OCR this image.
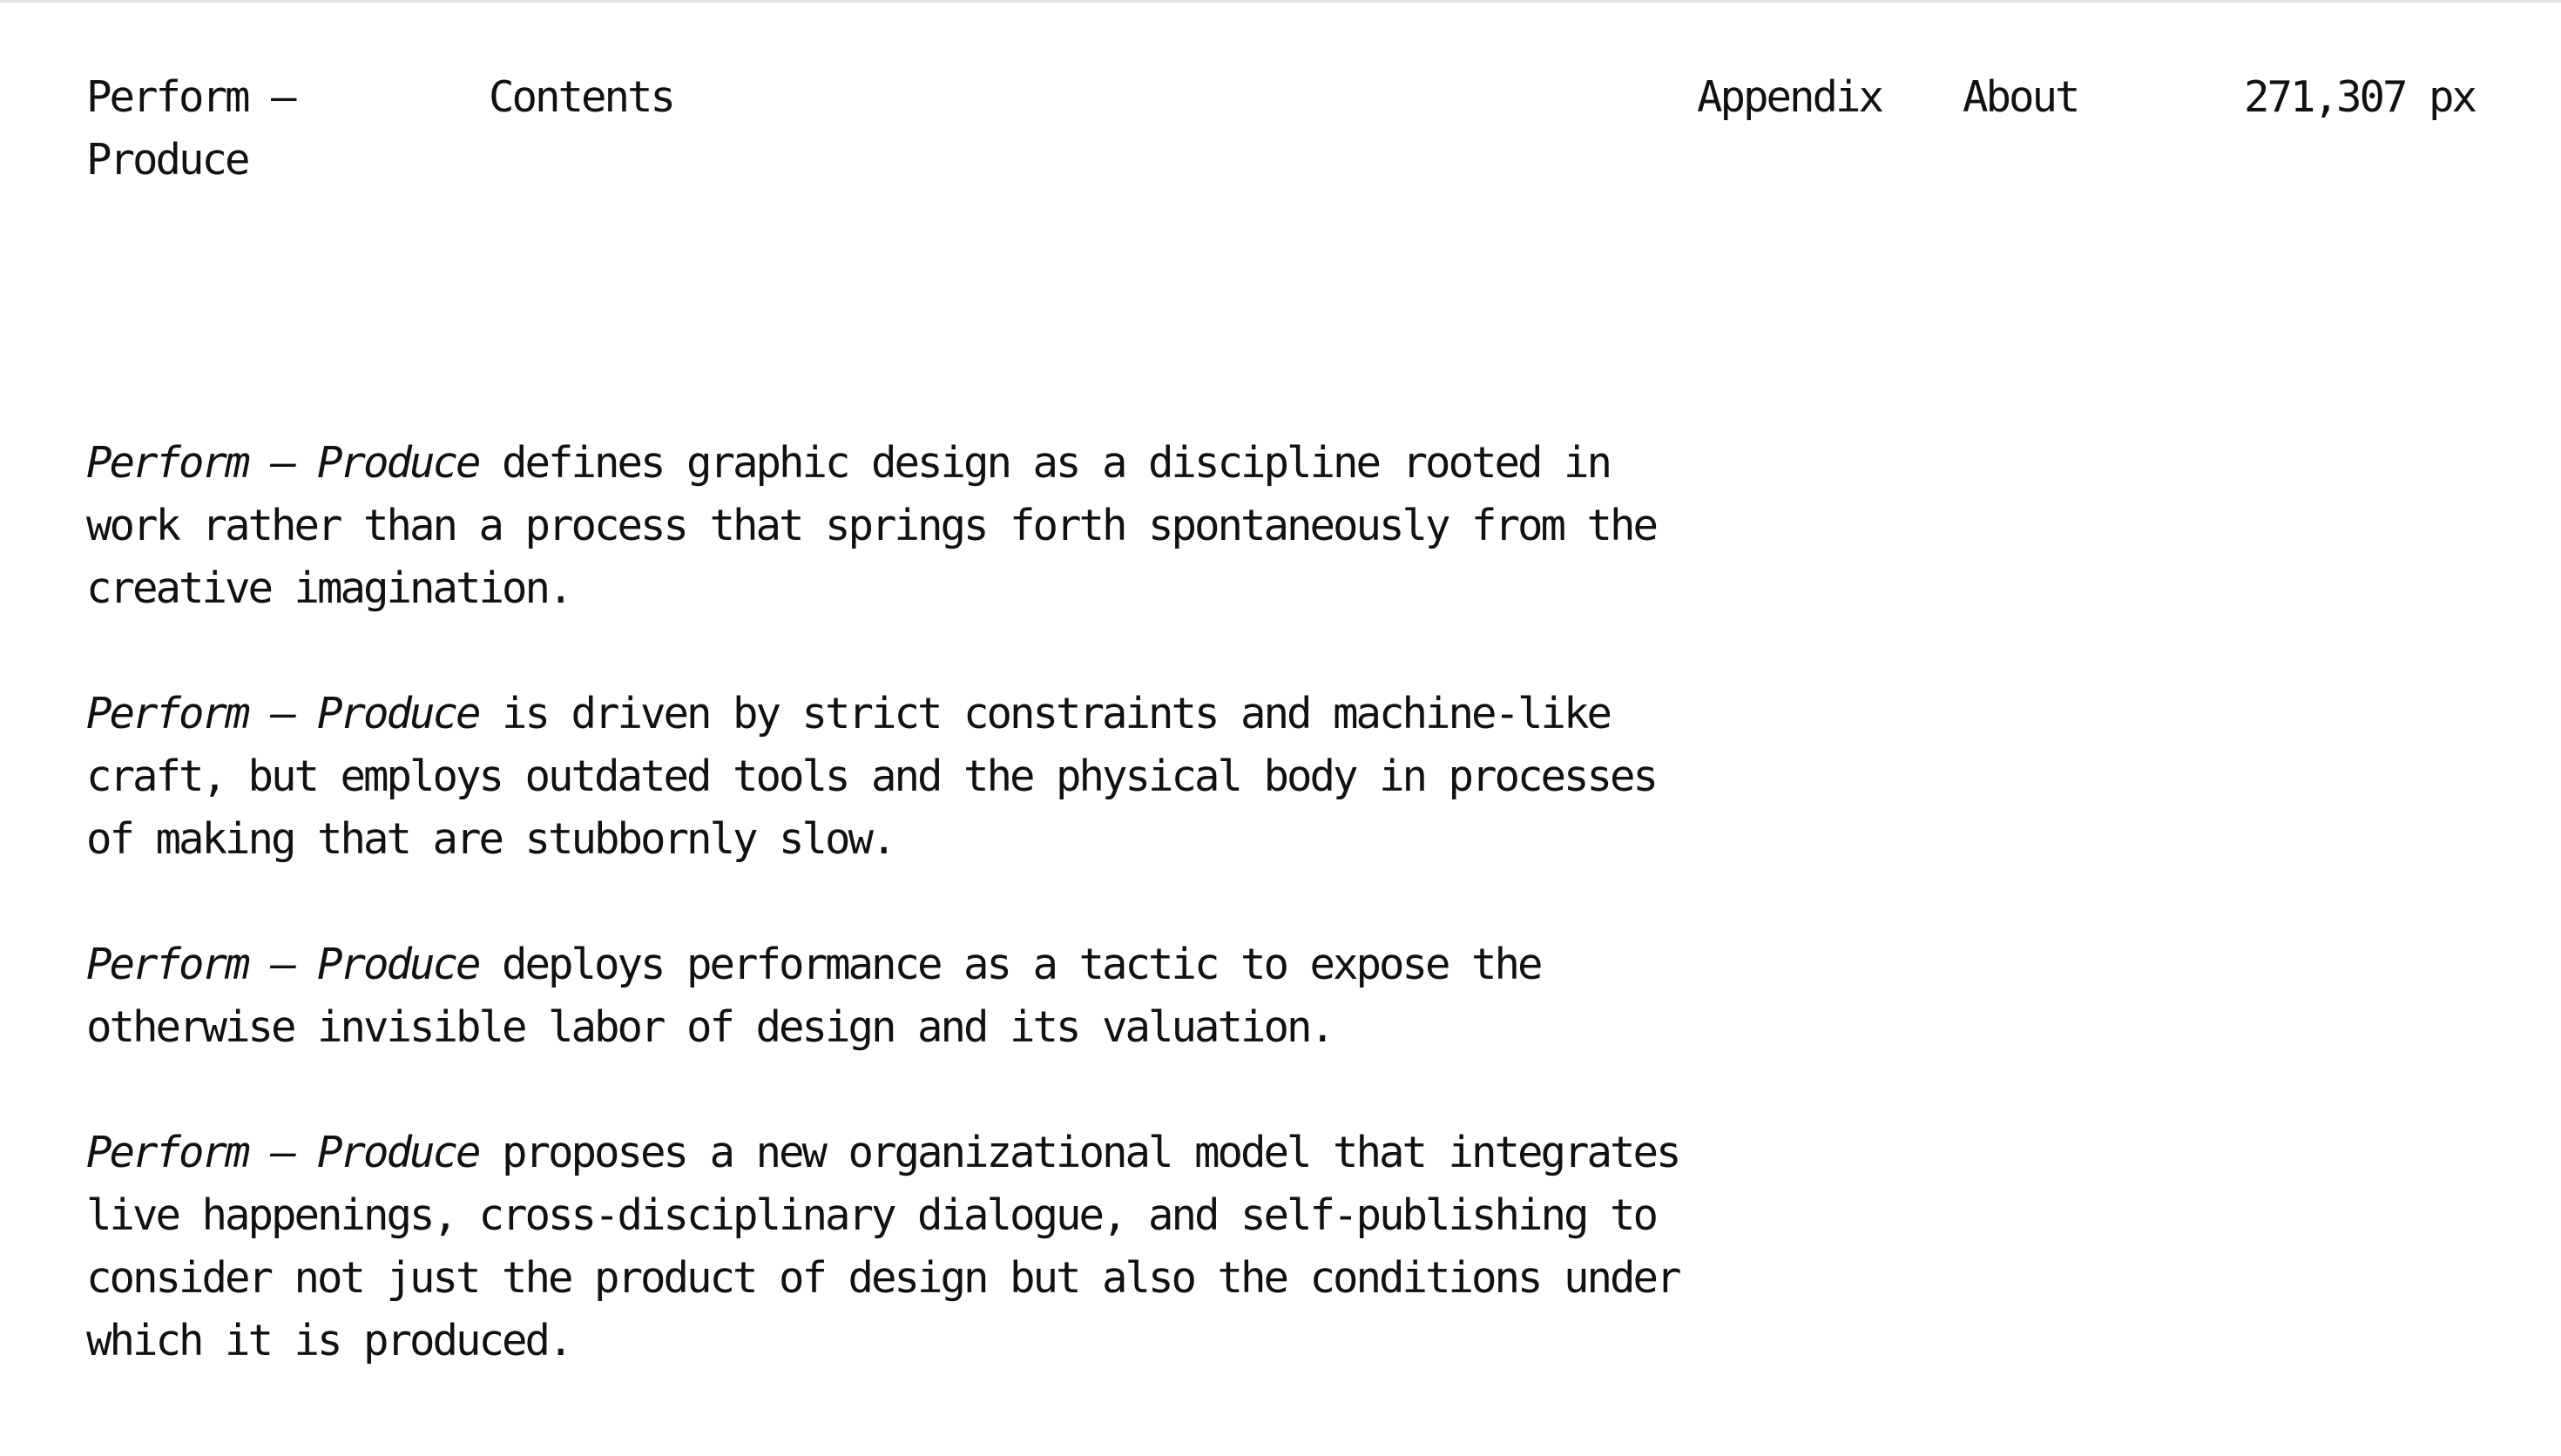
Perform – Produce
Contents	Appendix About	271,307 px

Perform – Produce defines graphic design as a discipline rooted in work rather than a process that springs forth spontaneously from the creative imagination.

Perform – Produce is driven by strict constraints and machine-like craft, but employs outdated tools and the physical body in processes of making that are stubbornly slow.

Perform – Produce deploys performance as a tactic to expose the otherwise invisible labor of design and its valuation.

Perform – Produce proposes a new organizational model that integrates live happenings, cross-disciplinary dialogue, and self-publishing to consider not just the product of design but also the conditions under which it is produced.
